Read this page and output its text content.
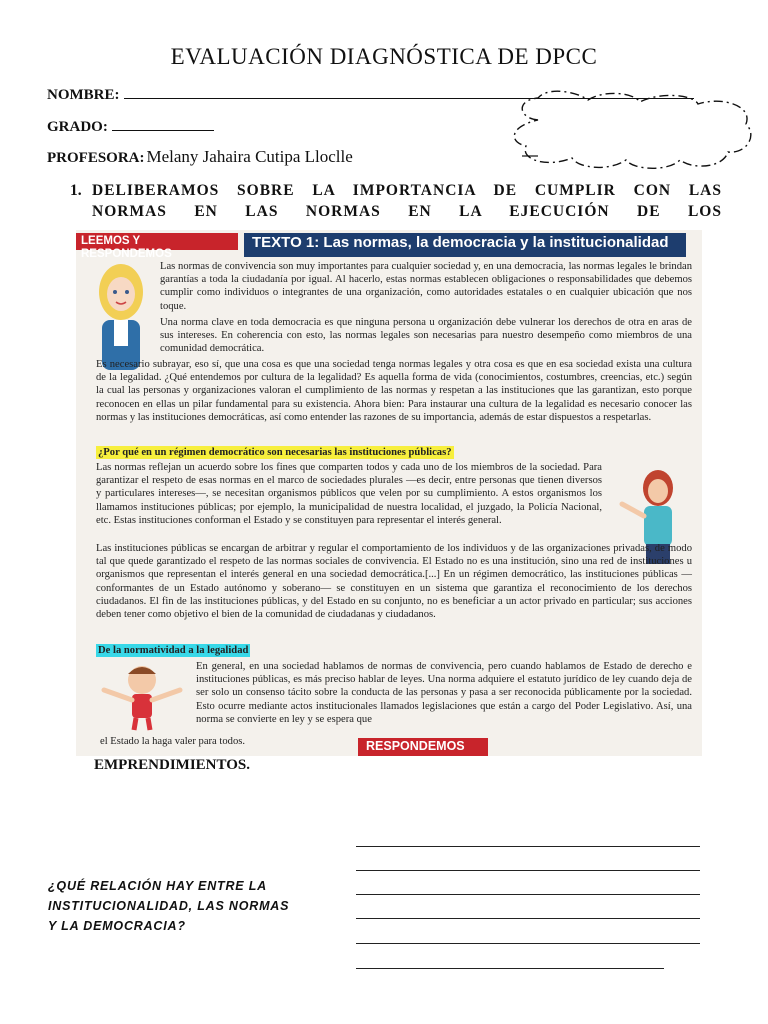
EVALUACIÓN DIAGNÓSTICA DE DPCC
NOMBRE:
GRADO:
PROFESORA: Melany Jahaira Cutipa Llocl​le
1. DELIBERAMOS SOBRE LA IMPORTANCIA DE CUMPLIR CON LAS
NORMAS EN LAS NORMAS EN LA EJECUCIÓN DE LOS
LEEMOS Y RESPONDEMOS
TEXTO 1: Las normas, la democracia y la institucionalidad
Las normas de convivencia son muy importantes para cualquier sociedad y, en una democracia, las normas legales le brindan garantías a toda la ciudadanía por igual. Al hacerlo, estas normas establecen obligaciones o responsabilidades que debemos cumplir como individuos o integrantes de una organización, como autoridades estatales o en cualquier ubicación que nos toque.
Una norma clave en toda democracia es que ninguna persona u organización debe vulnerar los derechos de otra en aras de sus intereses. En coherencia con esto, las normas legales son necesarias para nuestro desempeño como miembros de una comunidad democrática.
Es necesario subrayar, eso sí, que una cosa es que una sociedad tenga normas legales y otra cosa es que en esa sociedad exista una cultura de la legalidad. ¿Qué entendemos por cultura de la legalidad? Es aquella forma de vida (conocimientos, costumbres, creencias, etc.) según la cual las personas y organizaciones valoran el cumplimiento de las normas y respetan a las instituciones que las garantizan, esto porque reconocen en ellas un pilar fundamental para su existencia. Ahora bien: Para instaurar una cultura de la legalidad es necesario conocer las normas y las instituciones democráticas, así como entender las razones de su importancia, además de estar dispuestos a respetarlas.
¿Por qué en un régimen democrático son necesarias las instituciones públicas?
Las normas reflejan un acuerdo sobre los fines que comparten todos y cada uno de los miembros de la sociedad. Para garantizar el respeto de esas normas en el marco de sociedades plurales —es decir, entre personas que tienen diversos y particulares intereses—, se necesitan organismos públicos que velen por su cumplimiento. A estos organismos los llamamos instituciones públicas; por ejemplo, la municipalidad de nuestra localidad, el juzgado, la Policía Nacional, etc. Estas instituciones conforman el Estado y se constituyen para representar el interés general.
Las instituciones públicas se encargan de arbitrar y regular el comportamiento de los individuos y de las organizaciones privadas, de modo tal que quede garantizado el respeto de las normas sociales de convivencia. El Estado no es una institución, sino una red de instituciones u organismos que representan el interés general en una sociedad democrática.[...] En un régimen democrático, las instituciones públicas —conformantes de un Estado autónomo y soberano— se constituyen en un sistema que garantiza el reconocimiento de los derechos ciudadanos. El fin de las instituciones públicas, y del Estado en su conjunto, no es beneficiar a un actor privado en particular; sus acciones deben tener como objetivo el bien de la comunidad de ciudadanas y ciudadanos.
De la normatividad a la legalidad
En general, en una sociedad hablamos de normas de convivencia, pero cuando hablamos de Estado de derecho e instituciones públicas, es más preciso hablar de leyes. Una norma adquiere el estatuto jurídico de ley cuando deja de ser solo un consenso tácito sobre la conducta de las personas y pasa a ser reconocida públicamente por la sociedad. Esto ocurre mediante actos institucionales llamados legislaciones que están a cargo del Poder Legislativo. Así, una norma se convierte en ley y se espera que
el Estado la haga valer para todos.	RESPONDEMOS
EMPRENDIMIENTOS.
¿QUÉ RELACIÓN HAY ENTRE LA INSTITUCIONALIDAD, LAS NORMAS Y LA DEMOCRACIA?
